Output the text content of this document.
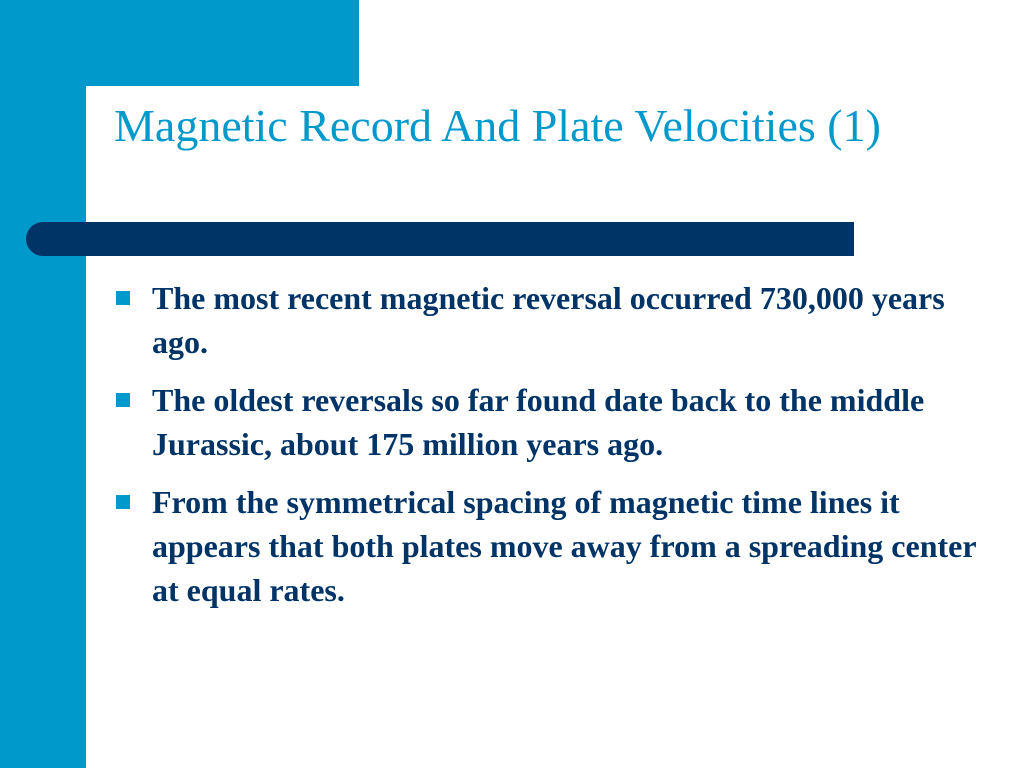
Magnetic Record And Plate Velocities (1)
The most recent magnetic reversal occurred 730,000 years ago.
The oldest reversals so far found date back to the middle Jurassic, about 175 million years ago.
From the symmetrical spacing of magnetic time lines it appears that both plates move away from a spreading center at equal rates.
